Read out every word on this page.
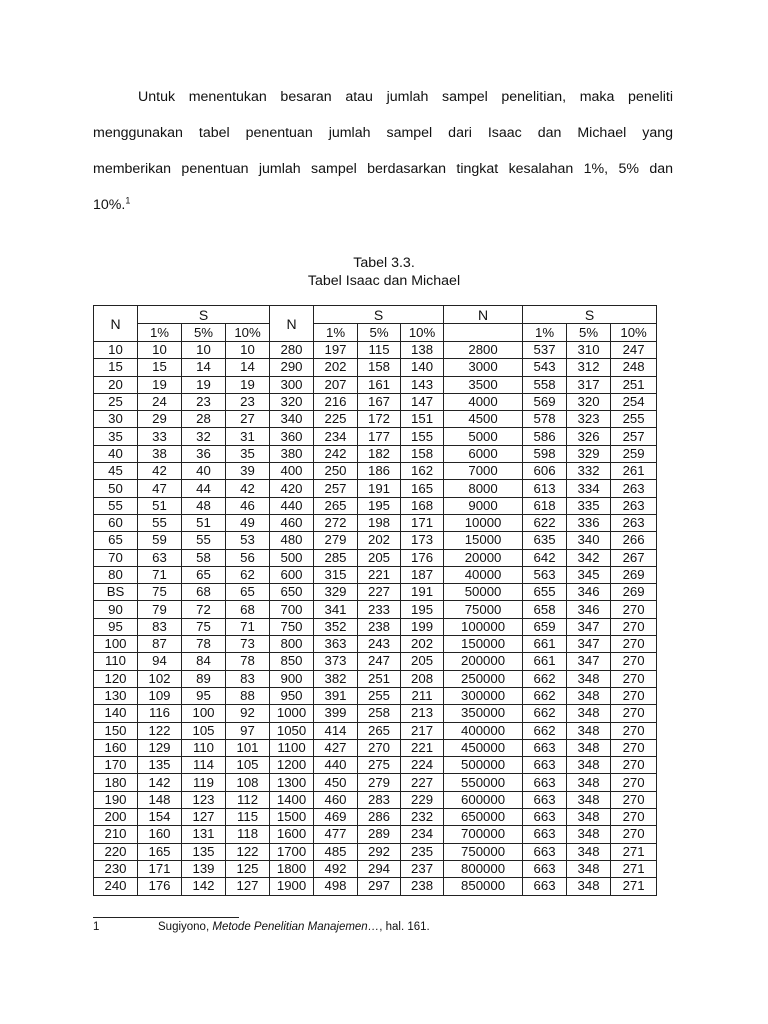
Untuk menentukan besaran atau jumlah sampel penelitian, maka peneliti
menggunakan tabel penentuan jumlah sampel dari Isaac dan Michael yang
memberikan penentuan jumlah sampel berdasarkan tingkat kesalahan 1%, 5% dan
10%.$^1$

Tabel 3.3.

Tabel Isaac dan Michael

N	S			N	S			N	S		
	1%	5%	10%		1%	5%	10%		1%	5%	10%
10	10	10	10	280	197	115	138	2800	537	310	247
15	15	14	14	290	202	158	140	3000	543	312	248
20	19	19	19	300	207	161	143	3500	558	317	251
25	24	23	23	320	216	167	147	4000	569	320	254
30	29	28	27	340	225	172	151	4500	578	323	255
35	33	32	31	360	234	177	155	5000	586	326	257
40	38	36	35	380	242	182	158	6000	598	329	259
45	42	40	39	400	250	186	162	7000	606	332	261
50	47	44	42	420	257	191	165	8000	613	334	263
55	51	48	46	440	265	195	168	9000	618	335	263
60	55	51	49	460	272	198	171	10000	622	336	263
65	59	55	53	480	279	202	173	15000	635	340	266
70	63	58	56	500	285	205	176	20000	642	342	267
80	71	65	62	600	315	221	187	40000	563	345	269
BS	75	68	65	650	329	227	191	50000	655	346	269
90	79	72	68	700	341	233	195	75000	658	346	270
95	83	75	71	750	352	238	199	100000	659	347	270
100	87	78	73	800	363	243	202	150000	661	347	270
110	94	84	78	850	373	247	205	200000	661	347	270
120	102	89	83	900	382	251	208	250000	662	348	270
130	109	95	88	950	391	255	211	300000	662	348	270
140	116	100	92	1000	399	258	213	350000	662	348	270
150	122	105	97	1050	414	265	217	400000	662	348	270
160	129	110	101	1100	427	270	221	450000	663	348	270
170	135	114	105	1200	440	275	224	500000	663	348	270
180	142	119	108	1300	450	279	227	550000	663	348	270
190	148	123	112	1400	460	283	229	600000	663	348	270
200	154	127	115	1500	469	286	232	650000	663	348	270
210	160	131	118	1600	477	289	234	700000	663	348	270
220	165	135	122	1700	485	292	235	750000	663	348	271
230	171	139	125	1800	492	294	237	800000	663	348	271
240	176	142	127	1900	498	297	238	850000	663	348	271
1	Sugiyono, Metode Penelitian Manajemen…, hal. 161.
